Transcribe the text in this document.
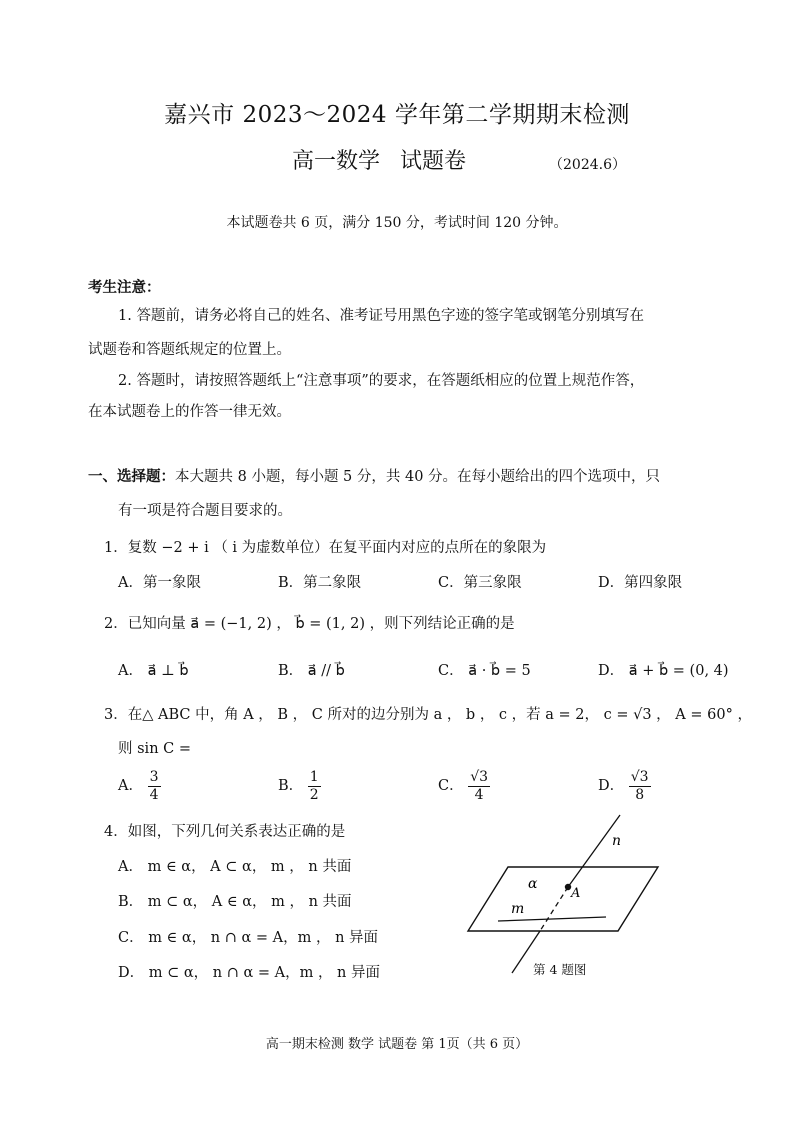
嘉兴市 2023～2024 学年第二学期期末检测
高一数学 试题卷	（2024.6）
本试题卷共 6 页，满分 150 分，考试时间 120 分钟。
考生注意：
1. 答题前，请务必将自己的姓名、准考证号用黑色字迹的签字笔或钢笔分别填写在
试题卷和答题纸规定的位置上。
2. 答题时，请按照答题纸上“注意事项”的要求，在答题纸相应的位置上规范作答，
在本试题卷上的作答一律无效。
一、选择题：本大题共 8 小题，每小题 5 分，共 40 分。在每小题给出的四个选项中，只
有一项是符合题目要求的。
1．复数 −2 + i （ i 为虚数单位）在复平面内对应的点所在的象限为
A．第一象限	B．第二象限	C．第三象限	D．第四象限
2．已知向量 a⃗ = (−1, 2) ， b⃗ = (1, 2) ，则下列结论正确的是
A． a⃗ ⊥ b⃗	B． a⃗ // b⃗	C． a⃗ · b⃗ = 5	D． a⃗ + b⃗ = (0, 4)
3．在△ ABC 中，角 A ， B ， C 所对的边分别为 a ， b ， c ，若 a = 2， c = √3 ， A = 60° ，
则 sin C =
A． $\frac{3}{4}$	B． $\frac{1}{2}$	C． $\frac{√3}{4}$	D． $\frac{√3}{8}$
4．如图，下列几何关系表达正确的是
A． m ∈ α， A ⊂ α， m ， n 共面
B． m ⊂ α， A ∈ α， m ， n 共面
C． m ∈ α， n ∩ α = A，m ， n 异面
D． m ⊂ α， n ∩ α = A，m ， n 异面
n
α
A
m
第 4 题图
高一期末检测 数学 试题卷 第 1页（共 6 页）
